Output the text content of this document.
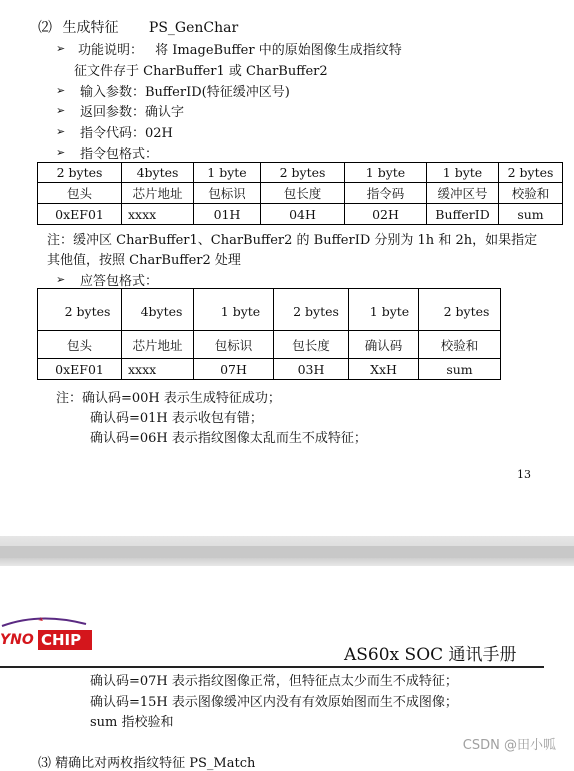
⑵ 生成特征 PS_GenChar
➢ 功能说明： 将 ImageBuffer 中的原始图像生成指纹特
征文件存于 CharBuffer1 或 CharBuffer2
➢ 输入参数：BufferID(特征缓冲区号)
➢ 返回参数：确认字
➢ 指令代码：02H
➢ 指令包格式：
2 bytes	4bytes	1 byte	2 bytes	1 byte	1 byte	2 bytes
包头	芯片地址	包标识	包长度	指令码	缓冲区号	校验和
0xEF01	xxxx	01H	04H	02H	BufferID	sum
注：缓冲区 CharBuffer1、CharBuffer2 的 BufferID 分别为 1h 和 2h，如果指定
其他值，按照 CharBuffer2 处理
➢ 应答包格式：
2 bytes	4bytes	1 byte	2 bytes	1 byte	2 bytes
包头	芯片地址	包标识	包长度	确认码	校验和
0xEF01	xxxx	07H	03H	XxH	sum
注：确认码=00H 表示生成特征成功；
确认码=01H 表示收包有错；
确认码=06H 表示指纹图像太乱而生不成特征；
13
YNO CHIP
AS60x SOC 通讯手册
确认码=07H 表示指纹图像正常，但特征点太少而生不成特征；
确认码=15H 表示图像缓冲区内没有有效原始图而生不成图像；
sum 指校验和
⑶ 精确比对两枚指纹特征 PS_Match
CSDN @田小呱
